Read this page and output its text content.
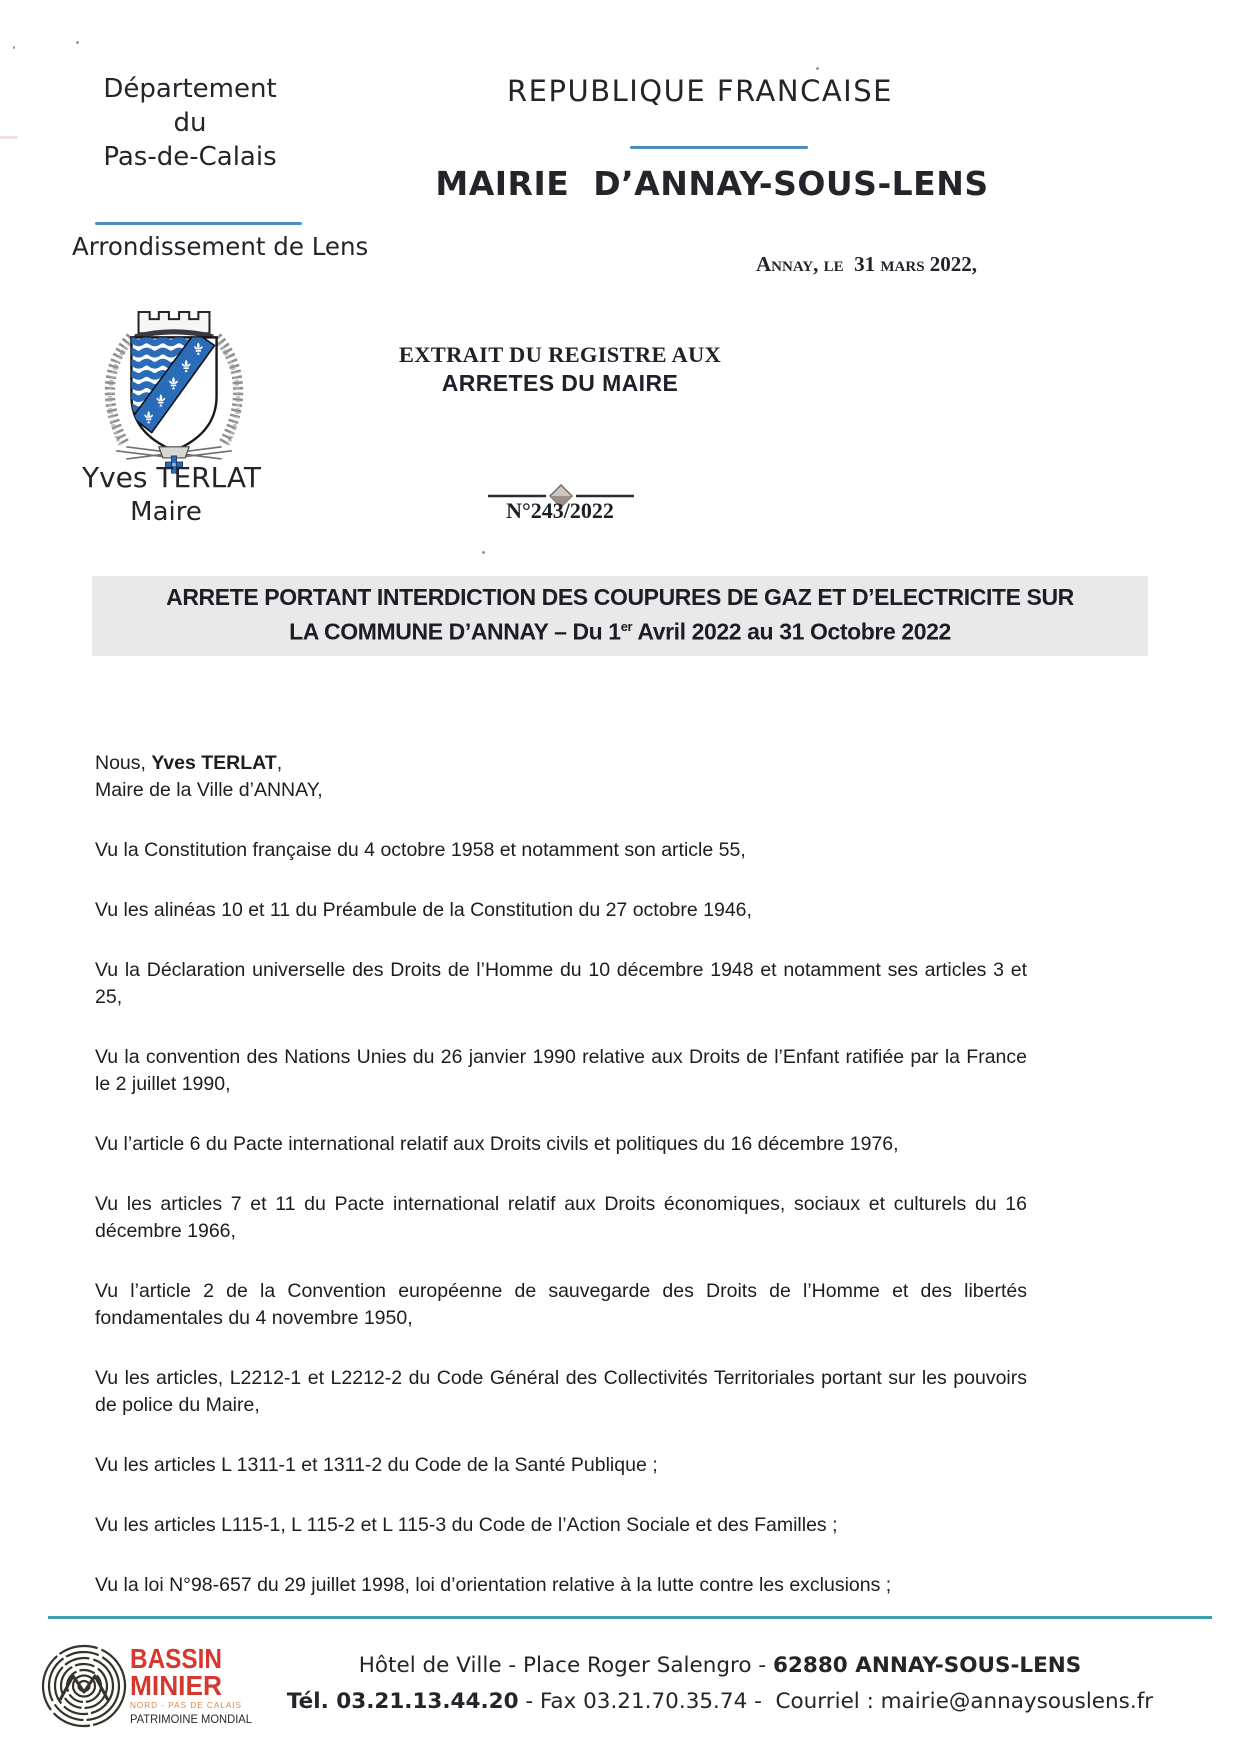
Département
du
Pas-de-Calais
Arrondissement de Lens
REPUBLIQUE FRANCAISE
MAIRIE  D’ANNAY-SOUS-LENS
Annay, le  31 mars 2022,
Yves TERLAT
Maire
EXTRAIT DU REGISTRE AUX
ARRETES DU MAIRE
N°243/2022
ARRETE PORTANT INTERDICTION DES COUPURES DE GAZ ET D’ELECTRICITE SUR
LA COMMUNE D’ANNAY – Du 1er Avril 2022 au 31 Octobre 2022

Nous, Yves TERLAT,
Maire de la Ville d’ANNAY,

Vu la Constitution française du 4 octobre 1958 et notamment son article 55,

Vu les alinéas 10 et 11 du Préambule de la Constitution du 27 octobre 1946,

Vu la Déclaration universelle des Droits de l’Homme du 10 décembre 1948 et notamment ses articles 3 et 25,

Vu la convention des Nations Unies du 26 janvier 1990 relative aux Droits de l’Enfant ratifiée par la France le 2 juillet 1990,

Vu l’article 6 du Pacte international relatif aux Droits civils et politiques du 16 décembre 1976,

Vu les articles 7 et 11 du Pacte international relatif aux Droits économiques, sociaux et culturels du 16 décembre 1966,

Vu l’article 2 de la Convention européenne de sauvegarde des Droits de l’Homme et des libertés fondamentales du 4 novembre 1950,

Vu les articles, L2212-1 et L2212-2 du Code Général des Collectivités Territoriales portant sur les pouvoirs de police du Maire,

Vu les articles L 1311-1 et 1311-2 du Code de la Santé Publique ;

Vu les articles L115-1, L 115-2 et L 115-3 du Code de l’Action Sociale et des Familles ;

Vu la loi N°98-657 du 29 juillet 1998, loi d’orientation relative à la lutte contre les exclusions ;

BASSIN
MINIER
NORD - PAS DE CALAIS
PATRIMOINE MONDIAL
Hôtel de Ville - Place Roger Salengro - 62880 ANNAY-SOUS-LENS
Tél. 03.21.13.44.20 - Fax 03.21.70.35.74 -  Courriel : mairie@annaysouslens.fr
